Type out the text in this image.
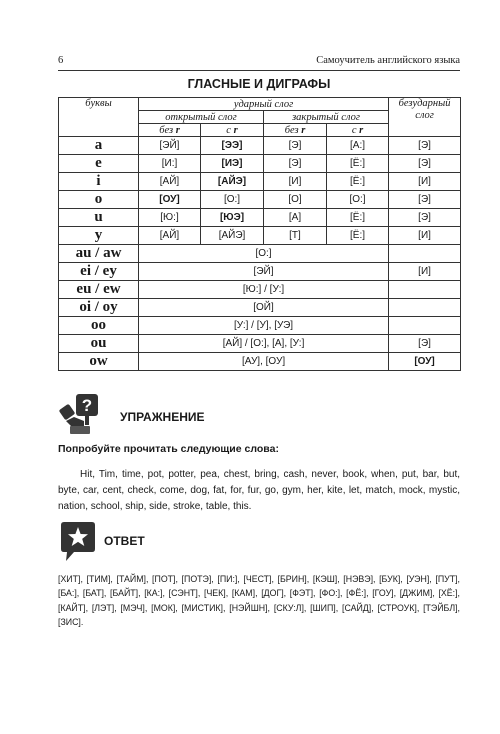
6	Самоучитель английского языка
ГЛАСНЫЕ И ДИГРАФЫ
буквы	ударный слог				безударный слог
	открытый слог		закрытый слог		
	без r	с r	без r	с r	
a	[ЭЙ]	[ЭЭ]	[Э]	[А:]	[Э]
e	[И:]	[ИЭ]	[Э]	[Ё:]	[Э]
i	[АЙ]	[АЙЭ]	[И]	[Ё:]	[И]
o	[ОУ]	[О:]	[О]	[О:]	[Э]
u	[Ю:]	[ЮЭ]	[А]	[Ё:]	[Э]
y	[АЙ]	[АЙЭ]	[Т]	[Ё:]	[И]
au / aw	[О:]				
ei / ey	[ЭЙ]				[И]
eu / ew	[Ю:] / [У:]				
oi / oy	[ОЙ]				
oo	[У:] / [У], [УЭ]				
ou	[АЙ] / [О:], [А], [У:]				[Э]
ow	[АУ], [ОУ]				[ОУ]
?
УПРАЖНЕНИЕ
Попробуйте прочитать следующие слова:
Hit, Tim, time, pot, potter, pea, chest, bring, cash, never, book, when, put, bar, but, byte, car, cent, check, come, dog, fat, for, fur, go, gym, her, kite, let, match, mock, mystic, nation, school, ship, side, stroke, table, this.
ОТВЕТ
[ХИТ], [ТИМ], [ТАЙМ], [ПОТ], [ПОТЭ], [ПИ:], [ЧЕСТ], [БРИН], [КЭШ], [НЭВЭ], [БУК], [УЭН], [ПУТ], [БА:], [БАТ], [БАЙТ], [КА:], [СЭНТ], [ЧЕК], [КАМ], [ДОГ], [ФЭТ], [ФО:], [ФЁ:], [ГОУ], [ДЖИМ], [ХЁ:], [КАЙТ], [ЛЭТ], [МЭЧ], [МОК], [МИСТИК], [НЭЙШН], [СКУ:Л], [ШИП], [САЙД], [СТРОУК], [ТЭЙБЛ], [ЗИС].
